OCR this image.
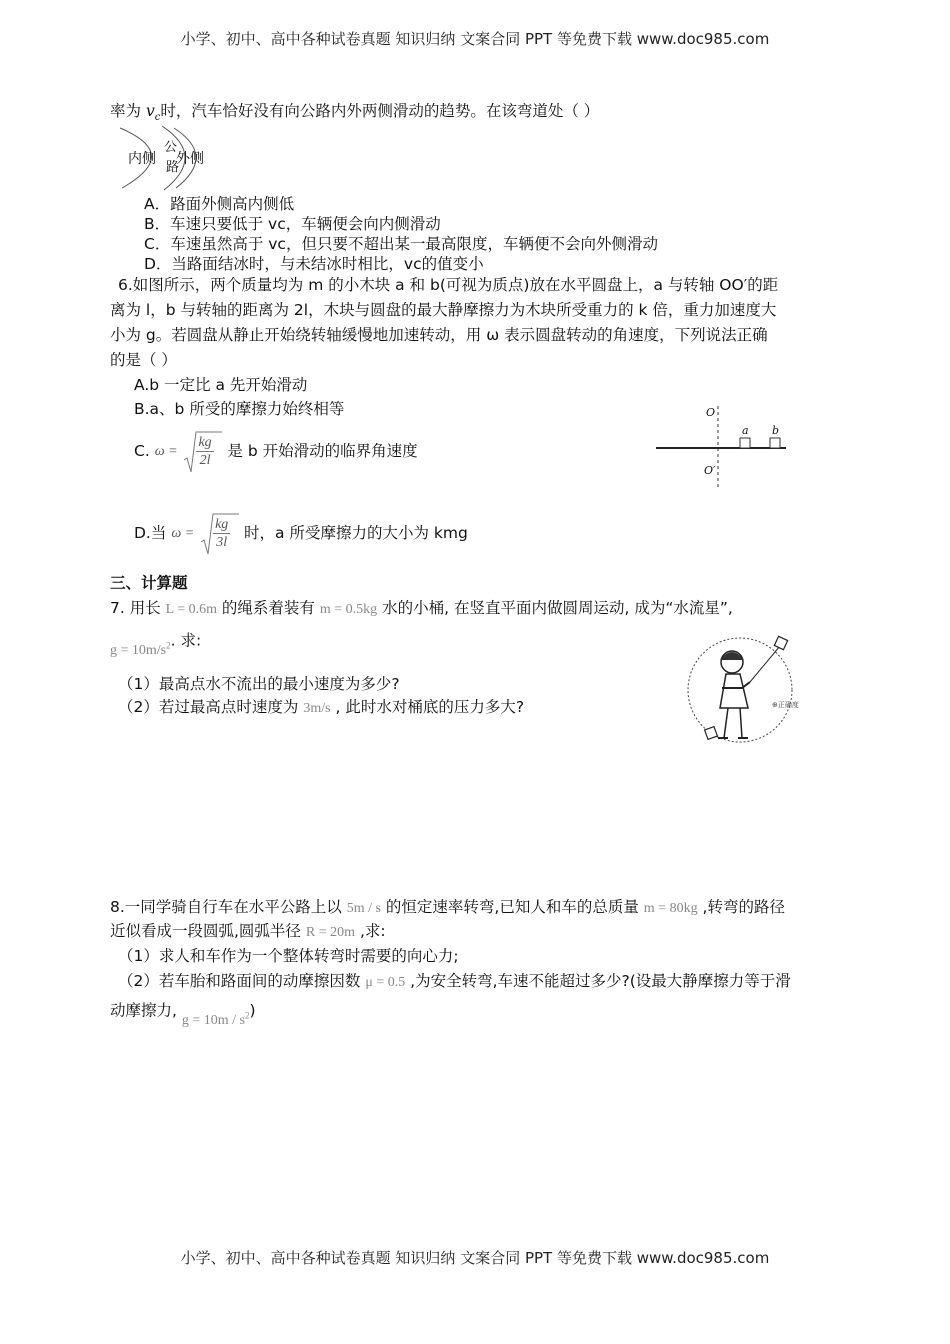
小学、初中、高中各种试卷真题 知识归纳 文案合同 PPT 等免费下载 www.doc985.com
率为 $v_c$时，汽车恰好没有向公路内外两侧滑动的趋势。在该弯道处（ ）
内侧
公
路
外侧
A．路面外侧高内侧低
B．车速只要低于 vc，车辆便会向内侧滑动
C．车速虽然高于 vc，但只要不超出某一最高限度，车辆便不会向外侧滑动
D．当路面结冰时，与未结冰时相比，vc的值变小
6.如图所示，两个质量均为 m 的小木块 a 和 b(可视为质点)放在水平圆盘上，a 与转轴 OO′的距
离为 l，b 与转轴的距离为 2l，木块与圆盘的最大静摩擦力为木块所受重力的 k 倍，重力加速度大
小为 g。若圆盘从静止开始绕转轴缓慢地加速转动，用 ω 表示圆盘转动的角速度，下列说法正确
的是（ ）
A.b 一定比 a 先开始滑动
B.a、b 所受的摩擦力始终相等
C. $\omega = \frac{kg}{2l}$ 是 b 开始滑动的临界角速度
D.当 $\omega = \frac{kg}{3l}$ 时，a 所受摩擦力的大小为 kmg
O
O′
a b
三、计算题
7. 用长 L = 0.6m 的绳系着装有 m = 0.5kg 水的小桶, 在竖直平面内做圆周运动, 成为“水流星”,
$g = 10m/s^2$. 求:
（1）最高点水不流出的最小速度为多少?
（2）若过最高点时速度为 3m/s , 此时水对桶底的压力多大?	⊕正确度
8.一同学骑自行车在水平公路上以 5m / s 的恒定速率转弯,已知人和车的总质量 m = 80kg ,转弯的路径
近似看成一段圆弧,圆弧半径 R = 20m ,求:
（1）求人和车作为一个整体转弯时需要的向心力;
（2）若车胎和路面间的动摩擦因数 μ = 0.5 ,为安全转弯,车速不能超过多少?(设最大静摩擦力等于滑
动摩擦力, $g = 10m / s^2$)
小学、初中、高中各种试卷真题 知识归纳 文案合同 PPT 等免费下载 www.doc985.com
